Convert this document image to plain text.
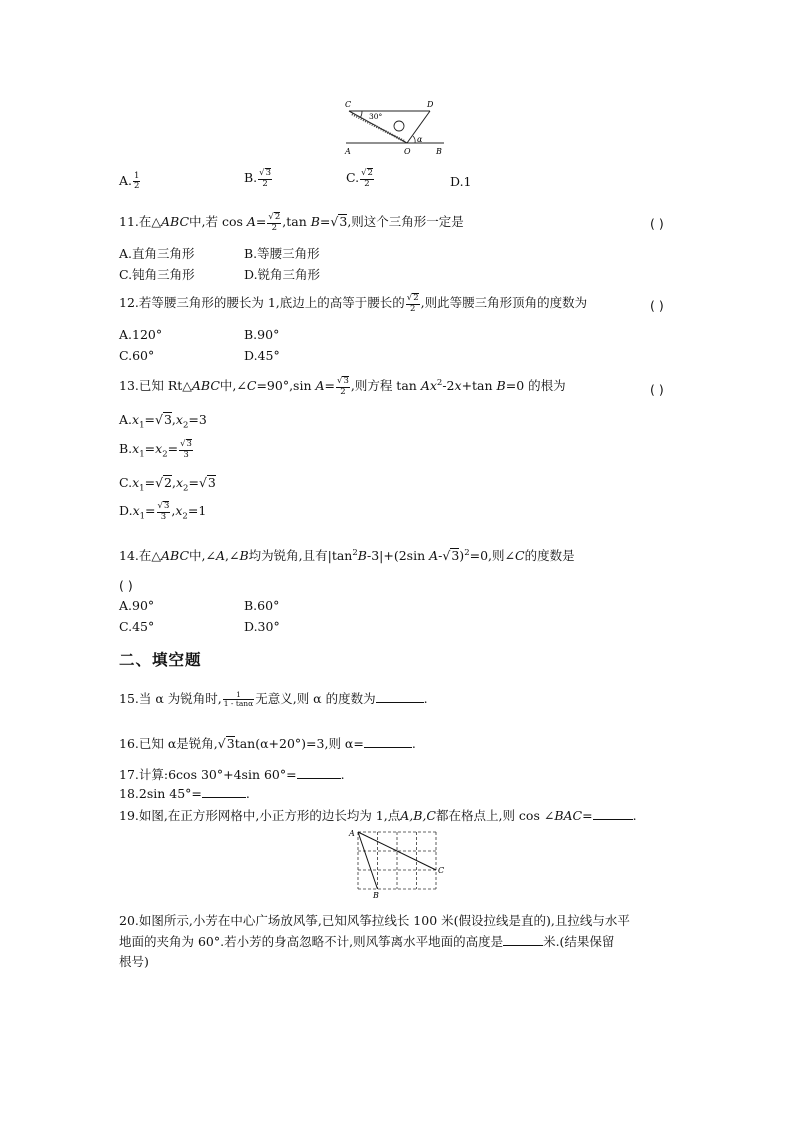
C	D
A	O	B
30°
α
A. $\frac{1}{2}$	B. $\frac{√3}{2}$	C. $\frac{√2}{2}$	D.1
11.在△ABC中,若 $\cos A= \frac{√2}{2} ,\tan$ B=√3,则这个三角形一定是	( )
A.直角三角形	B.等腰三角形
C.钝角三角形	D.锐角三角形
12.若等腰三角形的腰长为 1,底边上的高等于腰长的 $\frac{√2}{2}$ ,则此等腰三角形顶角的度数为	( )
A.120°	B.90°
C.60°	D.45°
13.已知 Rt△ABC中,∠C=90°,sin $A= \frac{√3}{2}$ ,则方程 $\tan Ax^2-2x+\tan$ B=0 的根为	( )
$A.x_1=√3,x_2=3$
$B.x_1=x_2= \frac{√3}{3}$
$C.x_1=√2,x_2=√3$
$D.x_1= \frac{√3}{3} ,x_2=1$
14.在△ABC中,∠A,∠B均为锐角,且有$|\tan^2B-3|+(2\sin$ A-√3)$^2$=0,则∠C的度数是
( )
A.90°	B.60°
C.45°	D.30°
二、填空题
15.当 α 为锐角时, $\frac{1}{1 - \tan\alpha}$ 无意义,则 α 的度数为	.
16.已知 α是锐角,√3tan(α+20°)=3,则 α=	.
17.计算:6cos 30°+4sin 60°=	.
18.2sin 45°=	.
19.如图,在正方形网格中,小正方形的边长均为 1,点A,B,C都在格点上,则 cos ∠BAC=	.
A
B
C
20.如图所示,小芳在中心广场放风筝,已知风筝拉线长 100 米(假设拉线是直的),且拉线与水平
地面的夹角为 60°.若小芳的身高忽略不计,则风筝离水平地面的高度是	米.(结果保留
根号)
